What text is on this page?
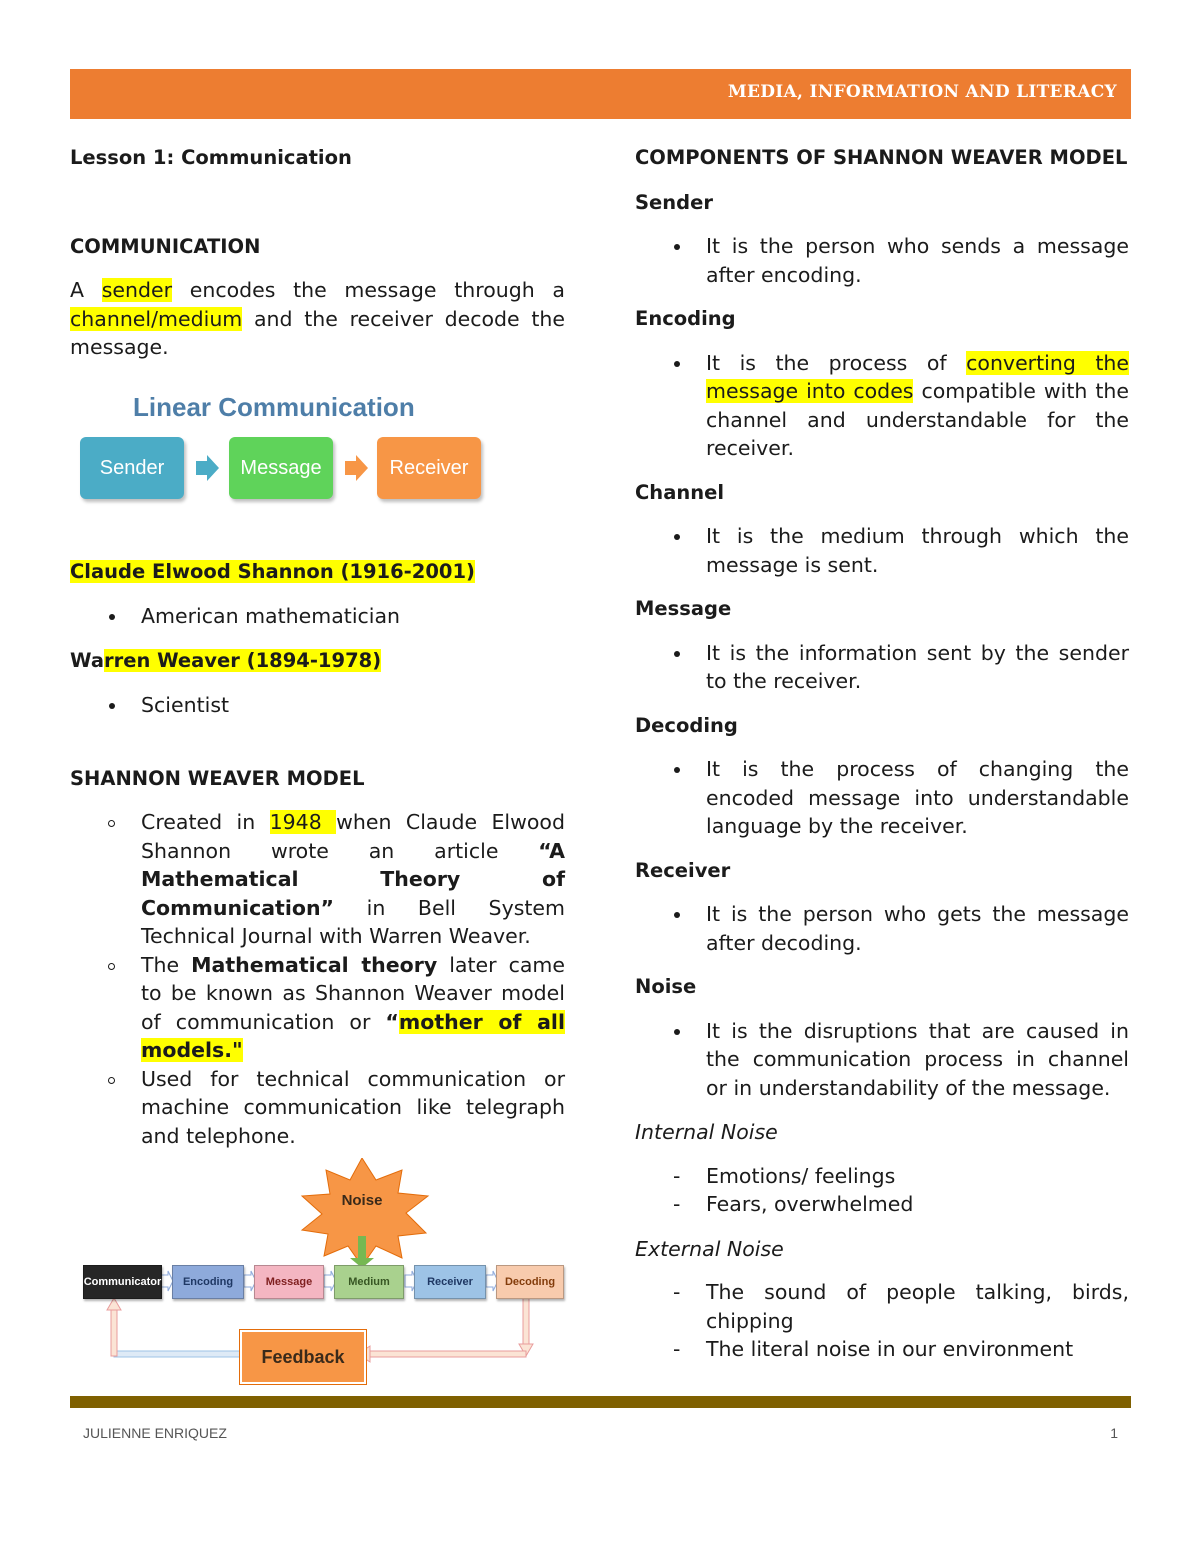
MEDIA, INFORMATION AND LITERACY

Lesson 1: Communication

COMMUNICATION

A sender encodes the message through a channel/medium and the receiver decode the message.

Claude Elwood Shannon (1916-2001)

American mathematician

Warren Weaver (1894-1978)

Scientist

SHANNON WEAVER MODEL

Created in 1948 when Claude Elwood Shannon wrote an article “A Mathematical Theory of Communication” in Bell System Technical Journal with Warren Weaver.
The Mathematical theory later came to be known as Shannon Weaver model of communication or “mother of all models."
Used for technical communication or machine communication like telegraph and telephone.
Linear Communication
Sender	Message	Receiver
Noise
Communicator	Encoding	Message	Medium	Receiver	Decoding
Feedback

COMPONENTS OF SHANNON WEAVER MODEL

Sender

It is the person who sends a message after encoding.

Encoding

It is the process of converting the message into codes compatible with the channel and understandable for the receiver.

Channel

It is the medium through which the message is sent.

Message

It is the information sent by the sender to the receiver.

Decoding

It is the process of changing the encoded message into understandable language by the receiver.

Receiver

It is the person who gets the message after decoding.

Noise

It is the disruptions that are caused in the communication process in channel or in understandability of the message.

Internal Noise

- Emotions/ feelings
- Fears, overwhelmed

External Noise

- The sound of people talking, birds, chipping
- The literal noise in our environment
JULIENNE ENRIQUEZ	1
